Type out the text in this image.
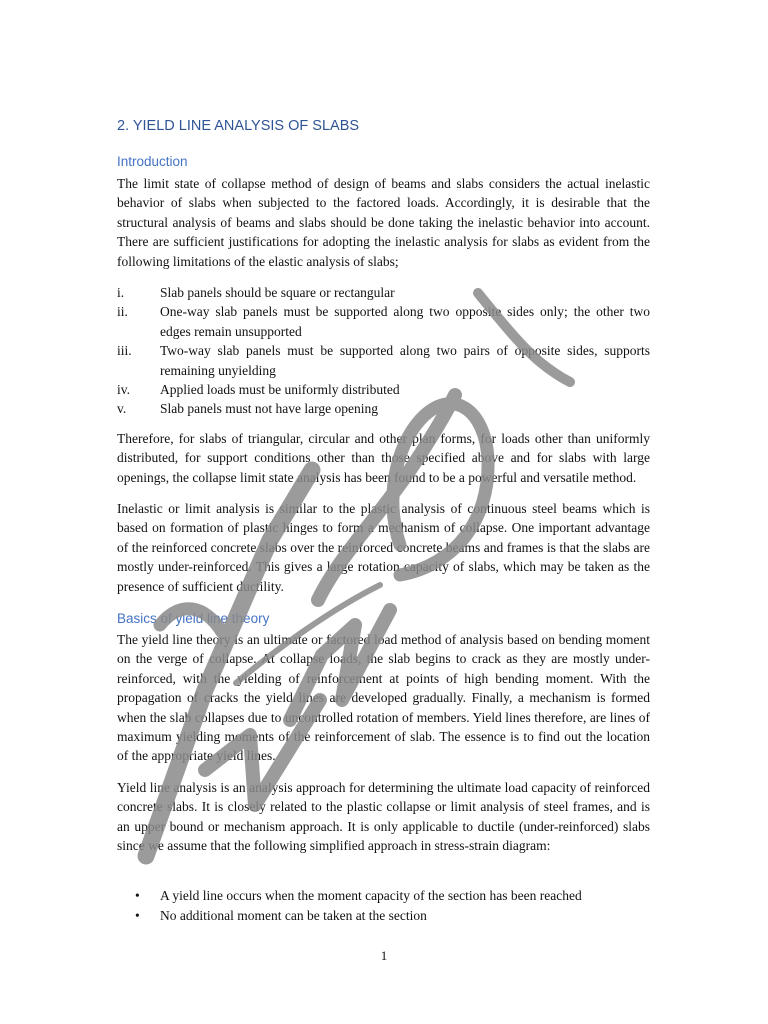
2. YIELD LINE ANALYSIS OF SLABS
Introduction

The limit state of collapse method of design of beams and slabs considers the actual inelastic behavior of slabs when subjected to the factored loads. Accordingly, it is desirable that the structural analysis of beams and slabs should be done taking the inelastic behavior into account. There are sufficient justifications for adopting the inelastic analysis for slabs as evident from the following limitations of the elastic analysis of slabs;

i.	Slab panels should be square or rectangular
ii.	One-way slab panels must be supported along two opposite sides only; the other two edges remain unsupported
iii.	Two-way slab panels must be supported along two pairs of opposite sides, supports remaining unyielding
iv.	Applied loads must be uniformly distributed
v.	Slab panels must not have large opening

Therefore, for slabs of triangular, circular and other plan forms, for loads other than uniformly distributed, for support conditions other than those specified above and for slabs with large openings, the collapse limit state analysis has been found to be a powerful and versatile method.

Inelastic or limit analysis is similar to the plastic analysis of continuous steel beams which is based on formation of plastic hinges to form a mechanism of collapse. One important advantage of the reinforced concrete slabs over the reinforced concrete beams and frames is that the slabs are mostly under-reinforced. This gives a large rotation capacity of slabs, which may be taken as the presence of sufficient ductility.

Basics of yield line theory

The yield line theory is an ultimate or factored load method of analysis based on bending moment on the verge of collapse. At collapse loads, the slab begins to crack as they are mostly under-reinforced, with the yielding of reinforcement at points of high bending moment. With the propagation of cracks the yield lines are developed gradually. Finally, a mechanism is formed when the slab collapses due to uncontrolled rotation of members. Yield lines therefore, are lines of maximum yielding moments of the reinforcement of slab. The essence is to find out the location of the appropriate yield lines.

Yield line analysis is an analysis approach for determining the ultimate load capacity of reinforced concrete slabs. It is closely related to the plastic collapse or limit analysis of steel frames, and is an upper bound or mechanism approach. It is only applicable to ductile (under-reinforced) slabs since we assume that the following simplified approach in stress-strain diagram:

•	A yield line occurs when the moment capacity of the section has been reached
•	No additional moment can be taken at the section

1
